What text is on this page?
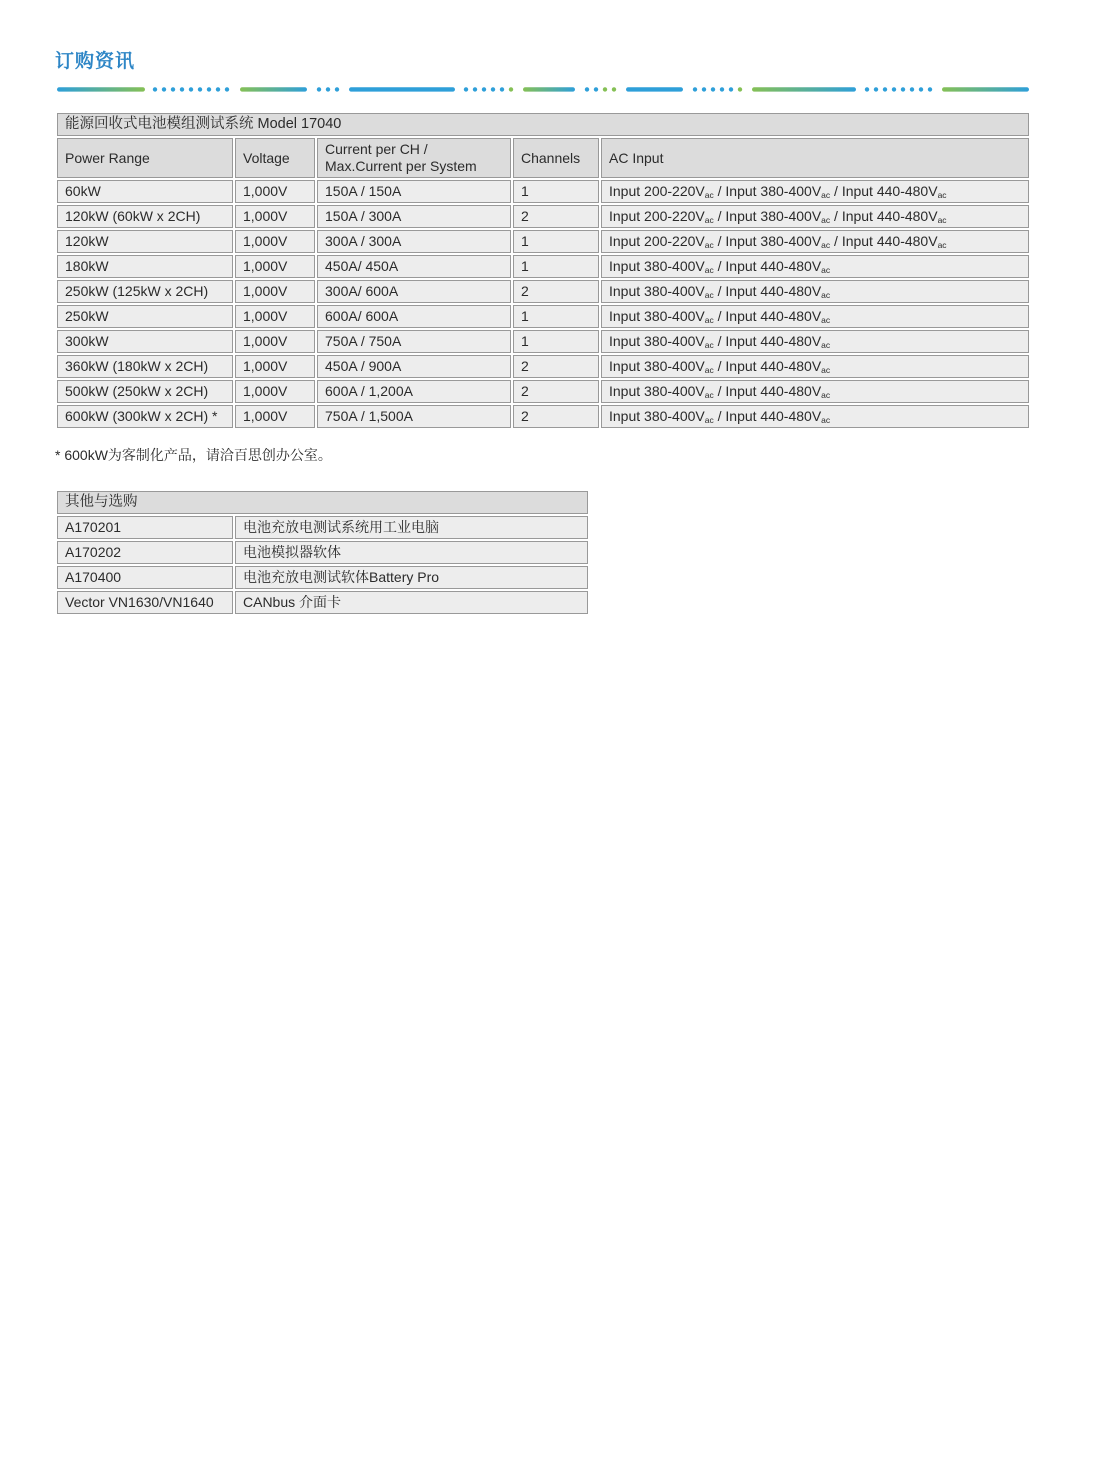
订购资讯
能源回收式电池模组测试系统 Model 17040				
Power Range	Voltage	Current per CH / Max.Current per System	Channels	AC Input
60kW	1,000V	150A / 150A	1	Input $200-220V_{ac}$ / Input $380-400V_{ac}$ / Input $440-480V_{ac}$
120kW (60kW x 2CH)	1,000V	150A / 300A	2	Input $200-220V_{ac}$ / Input $380-400V_{ac}$ / Input $440-480V_{ac}$
120kW	1,000V	300A / 300A	1	Input $200-220V_{ac}$ / Input $380-400V_{ac}$ / Input $440-480V_{ac}$
180kW	1,000V	450A/ 450A	1	Input $380-400V_{ac}$ / Input $440-480V_{ac}$
250kW (125kW x 2CH)	1,000V	300A/ 600A	2	Input $380-400V_{ac}$ / Input $440-480V_{ac}$
250kW	1,000V	600A/ 600A	1	Input $380-400V_{ac}$ / Input $440-480V_{ac}$
300kW	1,000V	750A / 750A	1	Input $380-400V_{ac}$ / Input $440-480V_{ac}$
360kW (180kW x 2CH)	1,000V	450A / 900A	2	Input $380-400V_{ac}$ / Input $440-480V_{ac}$
500kW (250kW x 2CH)	1,000V	600A / 1,200A	2	Input $380-400V_{ac}$ / Input $440-480V_{ac}$
600kW (300kW x 2CH) *	1,000V	750A / 1,500A	2	Input $380-400V_{ac}$ / Input $440-480V_{ac}$

* 600kW为客制化产品，请洽百思创办公室。

其他与选购	
A170201	电池充放电测试系统用工业电脑
A170202	电池模拟器软体
A170400	电池充放电测试软体Battery Pro
Vector VN1630/VN1640	CANbus 介面卡
